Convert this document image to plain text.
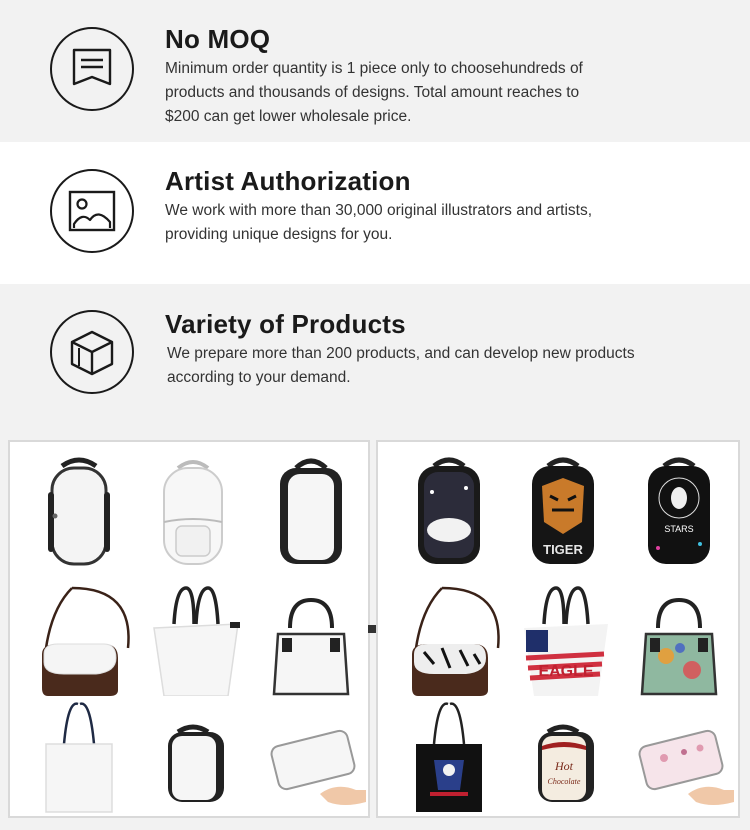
No MOQ
Minimum order quantity is 1 piece only to choosehundreds of
products and thousands of designs. Total amount reaches to
$200 can get lower wholesale price.
Artist Authorization
We work with more than 30,000 original illustrators and artists,
providing unique designs for you.
Variety of Products
We prepare more than 200 products, and can develop new products
according to your demand.
TIGER
STARS
EAGLE
Hot
Chocolate
